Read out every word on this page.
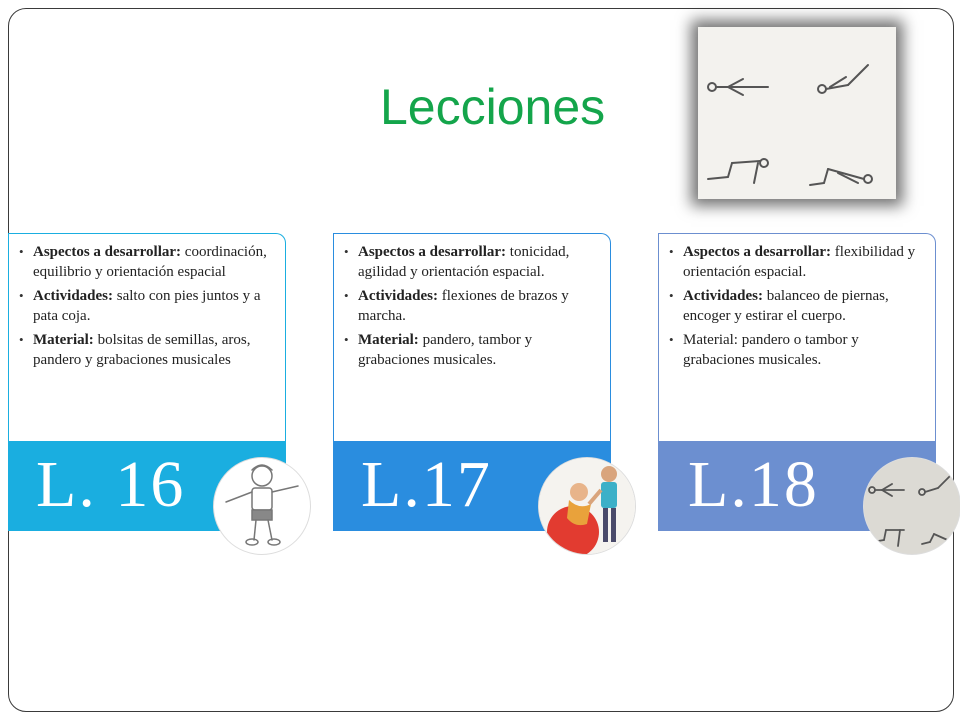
Lecciones
• Aspectos a desarrollar: coordinación, equilibrio y orientación espacial
• Actividades: salto con pies juntos y a pata coja.
• Material: bolsitas de semillas, aros, pandero y grabaciones musicales
L. 16
• Aspectos a desarrollar: tonicidad, agilidad y orientación espacial.
• Actividades: flexiones de brazos y marcha.
• Material: pandero, tambor y grabaciones musicales.
L.17
• Aspectos a desarrollar: flexibilidad y orientación espacial.
• Actividades: balanceo de piernas, encoger y estirar el cuerpo.
• Material: pandero o tambor y grabaciones musicales.
L.18
